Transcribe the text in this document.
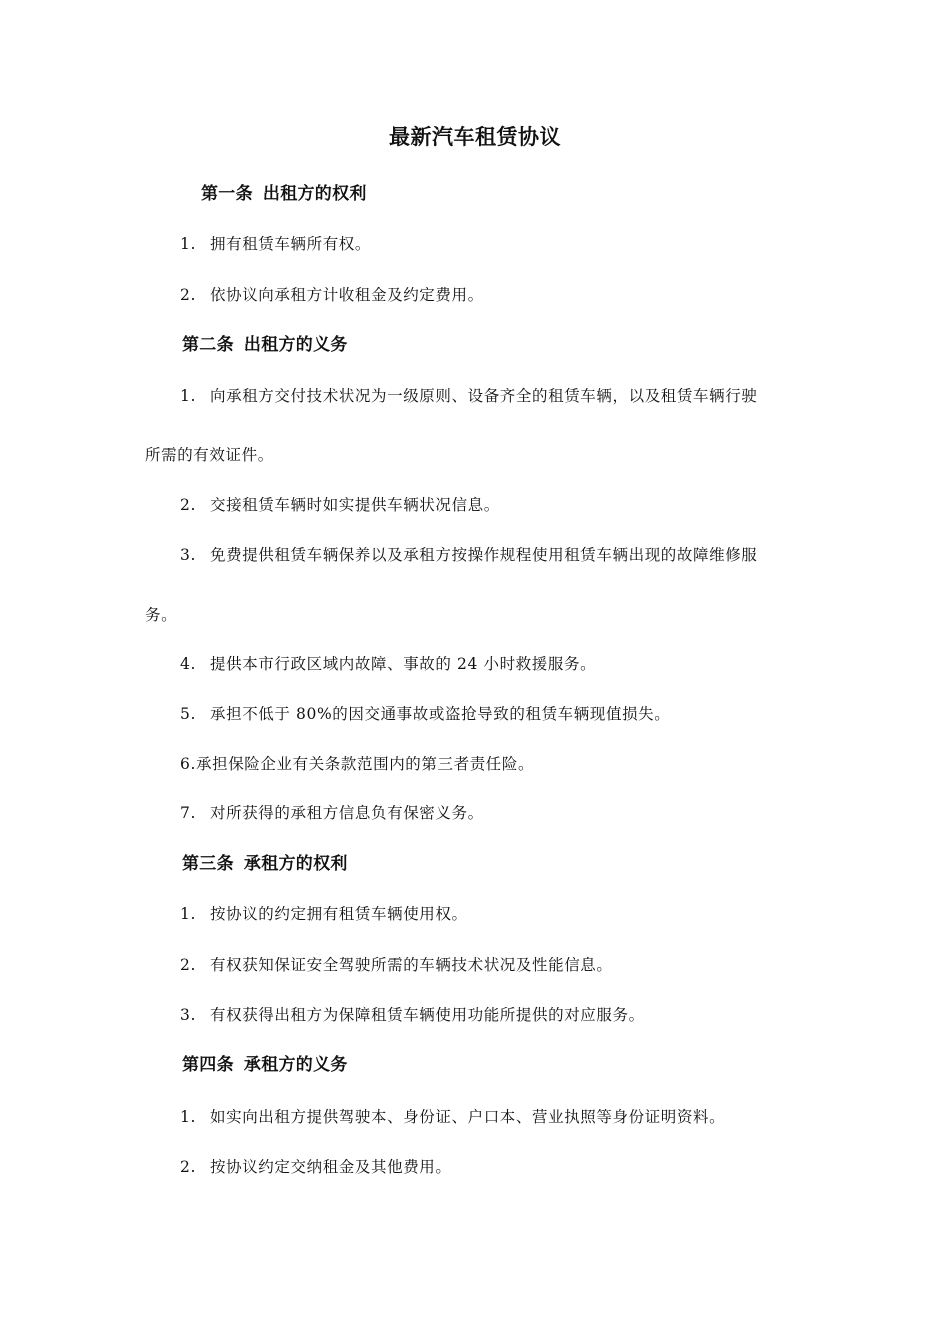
最新汽车租赁协议
第一条 出租方的权利
1. 拥有租赁车辆所有权。
2. 依协议向承租方计收租金及约定费用。
第二条 出租方的义务
1. 向承租方交付技术状况为一级原则、设备齐全的租赁车辆，以及租赁车辆行驶
所需的有效证件。
2. 交接租赁车辆时如实提供车辆状况信息。
3. 免费提供租赁车辆保养以及承租方按操作规程使用租赁车辆出现的故障维修服
务。
4. 提供本市行政区域内故障、事故的 24 小时救援服务。
5. 承担不低于 80%的因交通事故或盗抢导致的租赁车辆现值损失。
6.承担保险企业有关条款范围内的第三者责任险。
7. 对所获得的承租方信息负有保密义务。
第三条 承租方的权利
1. 按协议的约定拥有租赁车辆使用权。
2. 有权获知保证安全驾驶所需的车辆技术状况及性能信息。
3. 有权获得出租方为保障租赁车辆使用功能所提供的对应服务。
第四条 承租方的义务
1. 如实向出租方提供驾驶本、身份证、户口本、营业执照等身份证明资料。
2. 按协议约定交纳租金及其他费用。
